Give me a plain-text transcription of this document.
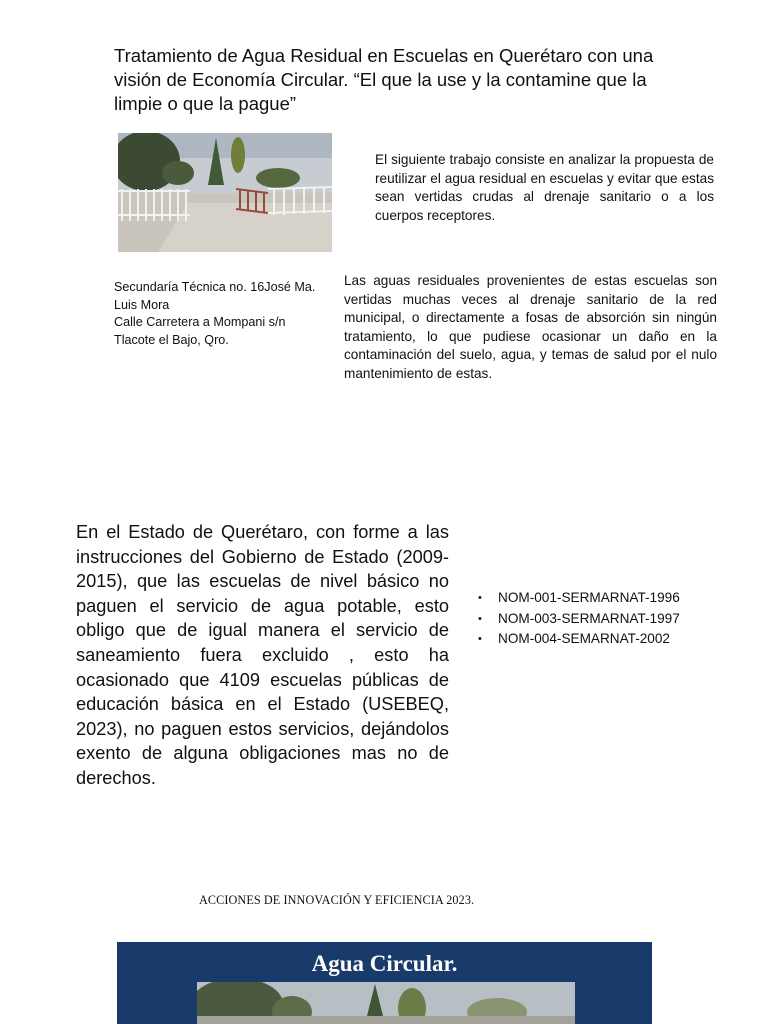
Tratamiento de Agua Residual en Escuelas en Querétaro con una visión de Economía Circular. “El que la use y la contamine que la limpie o que la pague”
El siguiente trabajo consiste en analizar la propuesta de reutilizar el agua residual en escuelas y evitar que estas sean vertidas crudas al drenaje sanitario o a los cuerpos receptores.
Secundaría Técnica no. 16José Ma.
Luis Mora
Calle Carretera a Mompani s/n
Tlacote el Bajo, Qro.
Las aguas residuales provenientes de estas escuelas son vertidas muchas veces al drenaje sanitario de la red municipal, o directamente a fosas de absorción sin ningún tratamiento, lo que pudiese ocasionar un daño en la contaminación del suelo, agua, y temas de salud por el nulo mantenimiento de estas.
En el Estado de Querétaro, con forme a las instrucciones del Gobierno de Estado (2009-2015), que las escuelas de nivel básico no paguen el servicio de agua potable, esto obligo que de igual manera el servicio de saneamiento fuera excluido , esto ha ocasionado que 4109 escuelas públicas de educación básica en el Estado (USEBEQ, 2023), no paguen estos servicios, dejándolos exento de alguna obligaciones mas no de derechos.
• NOM-001-SERMARNAT-1996
• NOM-003-SERMARNAT-1997
• NOM-004-SEMARNAT-2002
ACCIONES DE INNOVACIÓN Y EFICIENCIA 2023.
Agua Circular.
